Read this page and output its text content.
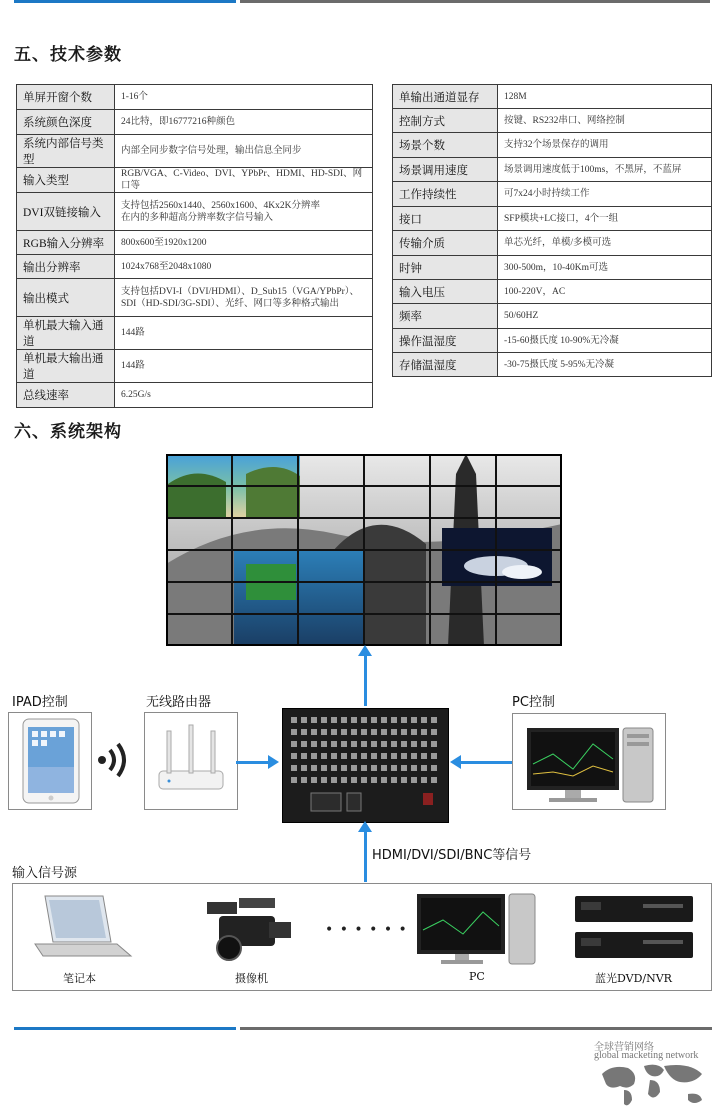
五、技术参数
单屏开窗个数	1-16个
系统颜色深度	24比特，即16777216种颜色
系统内部信号类型	内部全同步数字信号处理，输出信息全同步
输入类型	RGB/VGA、C-Video、DVI、YPbPr、HDMI、HD-SDI、网口等
DVI双链接输入	支持包括2560x1440、2560x1600、4Kx2K分辨率
在内的多种超高分辨率数字信号输入
RGB输入分辨率	800x600至1920x1200
输出分辨率	1024x768至2048x1080
输出模式	支持包括DVI-I（DVI/HDMI）、D_Sub15（VGA/YPbPr）、
SDI（HD-SDI/3G-SDI）、光纤、网口等多种格式输出
单机最大输入通道	144路
单机最大输出通道	144路
总线速率	6.25G/s
单输出通道显存	128M
控制方式	按键、RS232串口、网络控制
场景个数	支持32个场景保存的调用
场景调用速度	场景调用速度低于100ms，不黑屏，不蓝屏
工作持续性	可7x24小时持续工作
接口	SFP模块+LC接口，4个一组
传输介质	单芯光纤，单模/多模可选
时钟	300-500m，10-40Km可选
输入电压	100-220V，AC
频率	50/60HZ
操作温湿度	-15-60摄氏度 10-90%无冷凝
存储温湿度	-30-75摄氏度 5-95%无冷凝
六、系统架构
IPAD控制	无线路由器	PC控制
HDMI/DVI/SDI/BNC等信号
输入信号源
笔记本	摄像机
• • • • • •
PC	蓝光DVD/NVR
全球营销网络
global macketing network
